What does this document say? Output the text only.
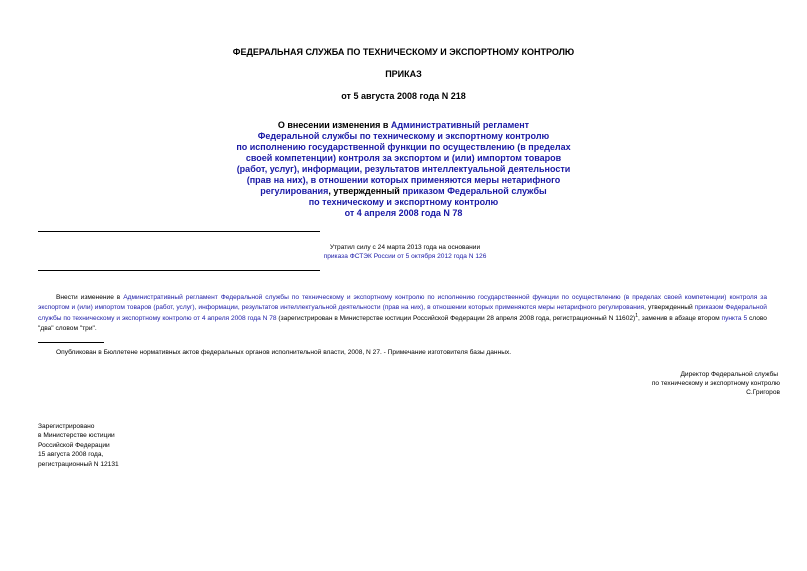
ФЕДЕРАЛЬНАЯ СЛУЖБА ПО ТЕХНИЧЕСКОМУ И ЭКСПОРТНОМУ КОНТРОЛЮ
ПРИКАЗ
от 5 августа 2008 года N 218
О внесении изменения в Административный регламент
Федеральной службы по техническому и экспортному контролю
по исполнению государственной функции по осуществлению (в пределах
своей компетенции) контроля за экспортом и (или) импортом товаров
(работ, услуг), информации, результатов интеллектуальной деятельности
(прав на них), в отношении которых применяются меры нетарифного
регулирования, утвержденный приказом Федеральной службы
по техническому и экспортному контролю
от 4 апреля 2008 года N 78
Утратил силу с 24 марта 2013 года на основании
приказа ФСТЭК России от 5 октября 2012 года N 126
Внести изменение в Административный регламент Федеральной службы по техническому и экспортному контролю по исполнению государственной функции по осуществлению (в пределах своей компетенции) контроля за экспортом и (или) импортом товаров (работ, услуг), информации, результатов интеллектуальной деятельности (прав на них), в отношении которых применяются меры нетарифного регулирования, утвержденный приказом Федеральной службы по техническому и экспортному контролю от 4 апреля 2008 года N 78 (зарегистрирован в Министерстве юстиции Российской Федерации 28 апреля 2008 года, регистрационный N 11602)$^1$, заменив в абзаце втором пункта 5 слово "два" словом "три".
Опубликован в Бюллетене нормативных актов федеральных органов исполнительной власти, 2008, N 27. - Примечание изготовителя базы данных.
Директор Федеральной службы
по техническому и экспортному контролю
С.Григоров
Зарегистрировано
в Министерстве юстиции
Российской Федерации
15 августа 2008 года,
регистрационный N 12131
